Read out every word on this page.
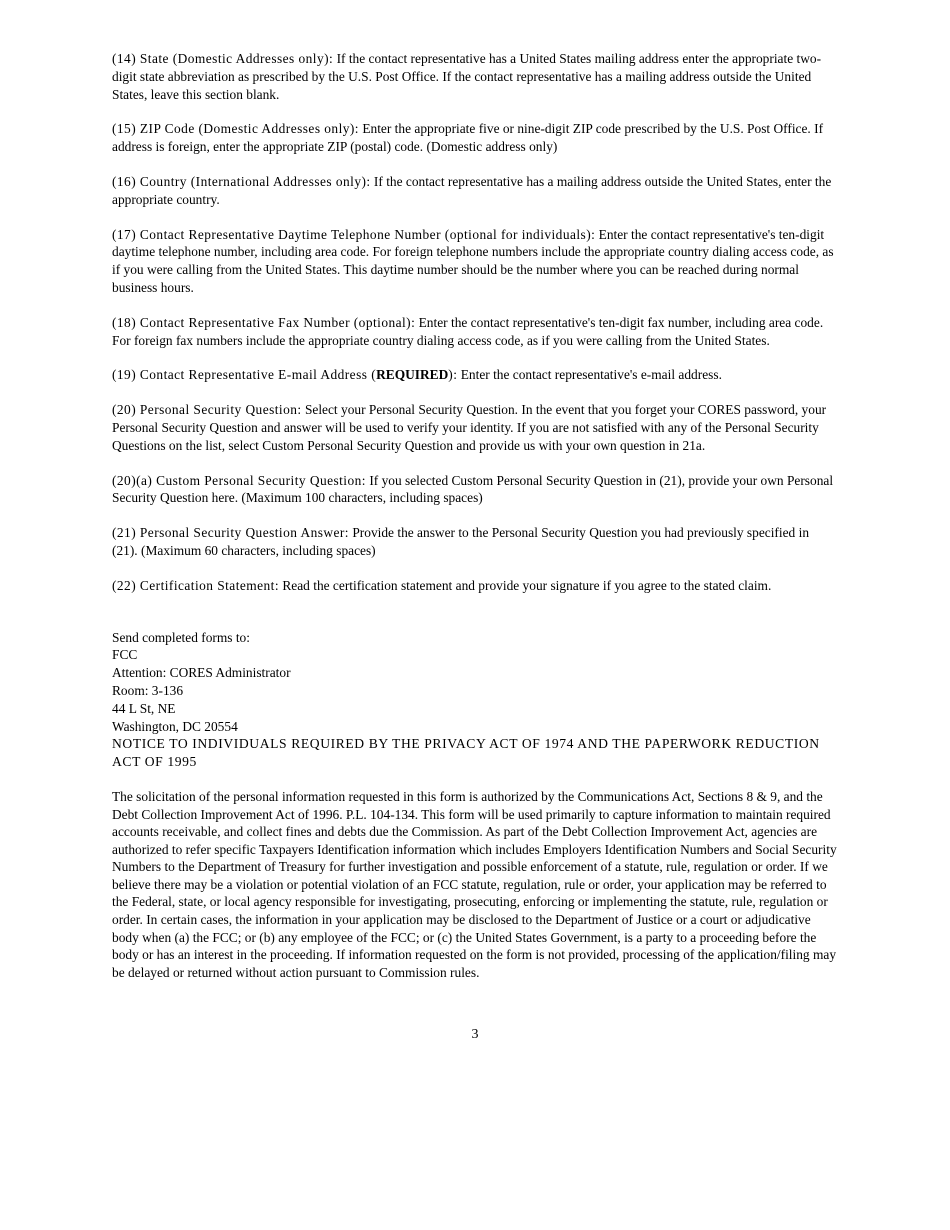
(14) State (Domestic Addresses only): If the contact representative has a United States mailing address enter the appropriate two-digit state abbreviation as prescribed by the U.S. Post Office. If the contact representative has a mailing address outside the United States, leave this section blank.

(15) ZIP Code (Domestic Addresses only): Enter the appropriate five or nine-digit ZIP code prescribed by the U.S. Post Office. If address is foreign, enter the appropriate ZIP (postal) code. (Domestic address only)

(16) Country (International Addresses only): If the contact representative has a mailing address outside the United States, enter the appropriate country.

(17) Contact Representative Daytime Telephone Number (optional for individuals): Enter the contact representative's ten-digit daytime telephone number, including area code. For foreign telephone numbers include the appropriate country dialing access code, as if you were calling from the United States. This daytime number should be the number where you can be reached during normal business hours.

(18) Contact Representative Fax Number (optional): Enter the contact representative's ten-digit fax number, including area code. For foreign fax numbers include the appropriate country dialing access code, as if you were calling from the United States.

(19) Contact Representative E-mail Address (REQUIRED): Enter the contact representative's e-mail address.

(20) Personal Security Question: Select your Personal Security Question. In the event that you forget your CORES password, your Personal Security Question and answer will be used to verify your identity. If you are not satisfied with any of the Personal Security Questions on the list, select Custom Personal Security Question and provide us with your own question in 21a.

(20)(a) Custom Personal Security Question: If you selected Custom Personal Security Question in (21), provide your own Personal Security Question here. (Maximum 100 characters, including spaces)

(21) Personal Security Question Answer: Provide the answer to the Personal Security Question you had previously specified in (21). (Maximum 60 characters, including spaces)

(22) Certification Statement: Read the certification statement and provide your signature if you agree to the stated claim.

Send completed forms to:

FCC

Attention: CORES Administrator

Room: 3-136

44 L St, NE

Washington, DC 20554

NOTICE TO INDIVIDUALS REQUIRED BY THE PRIVACY ACT OF 1974 AND THE PAPERWORK REDUCTION ACT OF 1995

The solicitation of the personal information requested in this form is authorized by the Communications Act, Sections 8 & 9, and the Debt Collection Improvement Act of 1996. P.L. 104-134. This form will be used primarily to capture information to maintain required accounts receivable, and collect fines and debts due the Commission. As part of the Debt Collection Improvement Act, agencies are authorized to refer specific Taxpayers Identification information which includes Employers Identification Numbers and Social Security Numbers to the Department of Treasury for further investigation and possible enforcement of a statute, rule, regulation or order. If we believe there may be a violation or potential violation of an FCC statute, regulation, rule or order, your application may be referred to the Federal, state, or local agency responsible for investigating, prosecuting, enforcing or implementing the statute, rule, regulation or order. In certain cases, the information in your application may be disclosed to the Department of Justice or a court or adjudicative body when (a) the FCC; or (b) any employee of the FCC; or (c) the United States Government, is a party to a proceeding before the body or has an interest in the proceeding. If information requested on the form is not provided, processing of the application/filing may be delayed or returned without action pursuant to Commission rules.

3
